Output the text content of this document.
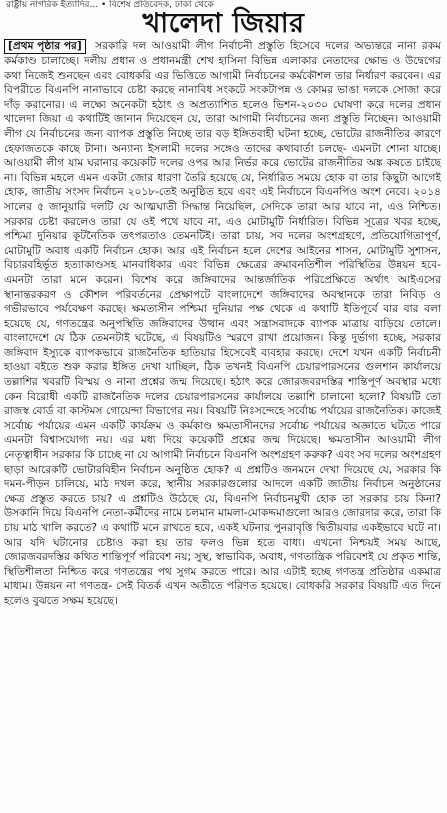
রাষ্ট্রীয় নাগরিক ইত্যাদির... • বিশেষ প্রতিবেদক, ঢাকা থেকে
খালেদা জিয়ার
[প্রথম পৃষ্ঠার পর] সরকারি দল আওয়ামী লীগ নির্বাচনী প্রস্তুতি হিসেবে দলের অভ্যন্তরে নানা রকম কর্মকাণ্ড চালাচ্ছে। দলীয় প্রধান ও প্রধানমন্ত্রী শেখ হাসিনা বিভিন্ন এলাকার নেতাদের ক্ষোভ ও উদ্বেগের কথা নিজেই শুনছেন এবং বোধকরি এর ভিত্তিতে আগামী নির্বাচনের কর্মকৌশল তার নির্ধারণ করবেন। এর বিপরীতে বিএনপি নানাভাবে চেষ্টা করছে নানাবিধ সংকটে সংকটাপন্ন ও কোমর ভাঙা দলকে সোজা করে দাঁড় করানোর। এ লক্ষ্যে অনেকটা হঠাৎ ও অপ্রত্যাশিত হলেও ভিশন-২০৩০ ঘোষণা করে দলের প্রধান খালেদা জিয়া এ কথাটিই জানান দিয়েছেন যে, তারা আগামী নির্বাচনের জন্য প্রস্তুতি নিচ্ছেন। আওয়ামী লীগ যে নির্বাচনের জন্য ব্যাপক প্রস্তুতি নিচ্ছে তার বড় ইঙ্গিতবাহী ঘটনা হচ্ছে, ভোটের রাজনীতির কারণে হেফাজতকে কাছে টানা। অন্যান্য ইসলামী দলের সঙ্গেও তাদের কথাবার্তা চলছে- এমনটা শোনা যাচ্ছে। আওয়ামী লীগ যাম ঘরানার কয়েকটি দলের ওপর আর নির্ভর করে ভোটের রাজনীতির অঙ্ক কষতে চাইছে না। বিভিন্ন মহলে এমন একটা জোর ধারণা তৈরি হয়েছে যে, নির্ধারিত সময়ে হোক বা তার কিছুটা আগেই হোক, জাতীয় সংসদ নির্বাচন ২০১৮-তেই অনুষ্ঠিত হবে এবং এই নির্বাচনে বিএনপিও অংশ নেবে। ২০১৪ সালের ৫ জানুয়ারি দলটি যে আত্মঘাতী সিদ্ধান্ত নিয়েছিল, সেদিকে তারা আর যাবে না, এও নিশ্চিত। সরকার চেষ্টা করলেও তারা যে ওই পথে যাবে না, এও মোটামুটি নির্ধারিত। বিভিন্ন সূত্রের খবর হচ্ছে, পশ্চিমা দুনিয়ার কূটনৈতিক তৎপরতাও তেমনটিই। তারা চায়, সব দলের অংশগ্রহণে, প্রতিযোগিতাপূর্ণ, মোটামুটি অবাধ একটি নির্বাচন হোক। আর এই নির্বাচন হলে দেশের আইনের শাসন, মোটামুটি সুশাসন, বিচারবহির্ভূত হত্যাকাণ্ডসহ মানবাধিকার এবং বিভিন্ন ক্ষেত্রের ক্রমাবনতিশীল পরিস্থিতির উন্নয়ন হবে- এমনটা তারা মনে করেন। বিশেষ করে জঙ্গিবাদের আন্তর্জাতিক পরিপ্রেক্ষিতে অর্থাৎ আইএসের স্থানান্তরকরণ ও কৌশল পরিবর্তনের প্রেক্ষাপটে বাংলাদেশে জঙ্গিবাদের অবস্থানকে তারা নিবিড় ও গভীরভাবে পর্যবেক্ষণ করছে। ক্ষমতাসীন পশ্চিমা দুনিয়ার পক্ষ থেকে এ কথাটি ইতিপূর্বে বার বার বলা হয়েছে যে, গণতন্ত্রের অনুপস্থিতি জঙ্গিবাদের উত্থান এবং সন্ত্রাসবাদকে ব্যাপক মাত্রায় বাড়িয়ে তোলে। বাংলাদেশে যে ঠিক তেমনটাই ঘটেছে, এ বিষয়টিও স্মরণে রাখা প্রয়োজন। কিন্তু দুর্ভাগ্য হচ্ছে, সরকার জঙ্গিবাদ ইস্যুকে ব্যাপকভাবে রাজনৈতিক হাতিয়ার হিসেবেই ব্যবহার করছে। দেশে যখন একটি নির্বাচনী হাওয়া বইতে শুরু করার ইঙ্গিত দেখা যাচ্ছিল, ঠিক তখনই বিএনপি চেয়ারপারসনের গুলশান কার্যালয়ে তল্লাশির খবরটি বিস্ময় ও নানা প্রশ্নের জন্ম দিয়েছে। হঠাৎ করে জোরজবরদস্তির শান্তিপূর্ণ অবস্থার মধ্যে কেন বিরোধী একটি রাজনৈতিক দলের চেয়ারপারসনের কার্যালয়ে তল্লাশি চালানো হলো? বিষয়টি তো রাজস্ব বোর্ড বা কাস্টমস গোয়েন্দা বিভাগের নয়। বিষয়টি নিঃসন্দেহে সর্বোচ্চ পর্যায়ের রাজনৈতিক। কাজেই সর্বোচ্চ পর্যায়ের এমন একটি কার্যক্রম ও কর্মকাণ্ড ক্ষমতাসীনদের সর্বোচ্চ পর্যায়ের অজ্ঞাতে ঘটতে পারে এমনটা বিশ্বাসযোগ্য নয়। এর মধ্য দিয়ে কয়েকটি প্রশ্নের জন্ম দিয়েছে। ক্ষমতাসীন আওয়ামী লীগ নেতৃত্বাধীন সরকার কি চাচ্ছে না যে আগামী নির্বাচনে বিএনপি অংশগ্রহণ করুক? এবং সব দলের অংশগ্রহণ ছাড়া আরেকটি ভোটারবিহীন নির্বাচন অনুষ্ঠিত হোক? এ প্রশ্নটিও জনমনে দেখা দিয়েছে যে, সরকার কি দমন-পীড়ন চালিয়ে, মাঠ দখল করে, স্থানীয় সরকারগুলোর আদলে একটি জাতীয় নির্বাচন অনুষ্ঠানের ক্ষেত্র প্রস্তুত করতে চায়? এ প্রশ্নটিও উঠেছে যে, বিএনপি নির্বাচনমুখী হোক তা সরকার চায় কিনা? উসকানি দিয়ে বিএনপি নেতা-কর্মীদের নামে চলমান মামলা-মোকদ্দমাগুলো আরও জোরদার করে, তারা কি চায় মাঠ খালি করতে? এ কথাটি মনে রাখতে হবে, একই ঘটনার পুনরাবৃত্তি দ্বিতীয়বার একইভাবে ঘটে না। আর যদি ঘটানোর চেষ্টাও করা হয় তার ফলও ভিন্ন হতে বাধ্য। এখনো নিশ্চয়ই সময় আছে, জোরজবরদস্তির কথিত শান্তিপূর্ণ পরিবেশ নয়; সুস্থ, স্বাভাবিক, অবাধ, গণতান্ত্রিক পরিবেশই যে প্রকৃত শান্তি, স্থিতিশীলতা নিশ্চিত করে গণতন্ত্রের পথ সুগম করতে পারে। আর এটাই হচ্ছে গণতন্ত্র প্রতিষ্ঠার একমাত্র মাধ্যম। উন্নয়ন না গণতন্ত্র- সেই বিতর্ক এখন অতীতে পরিণত হয়েছে। বোধকরি সরকার বিষয়টি এত দিনে হলেও বুঝতে সক্ষম হয়েছে।
